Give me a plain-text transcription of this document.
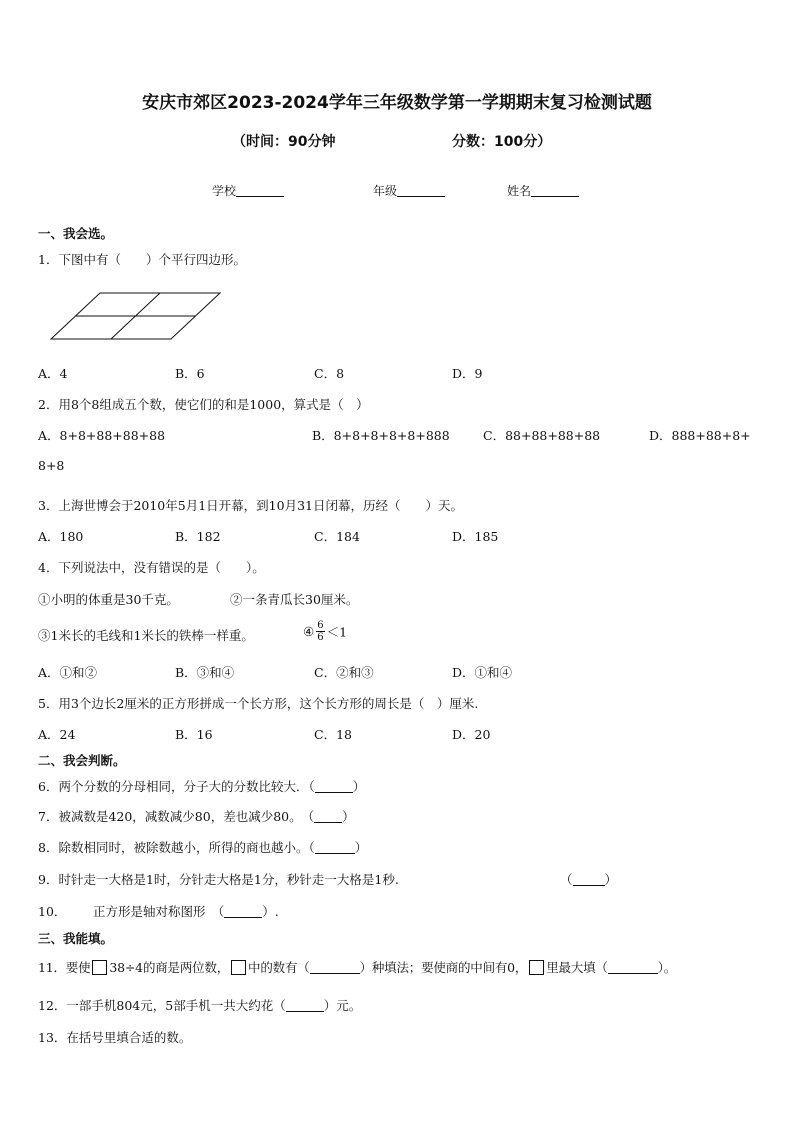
安庆市郊区2023-2024学年三年级数学第一学期期末复习检测试题
（时间：90分钟	分数：100分）
学校	年级	姓名
一、我会选。
1．下图中有（　　）个平行四边形。
A．4	B．6	C．8	D．9
2．用8个8组成五个数，使它们的和是1000，算式是（　）
A．8+8+88+88+88	B．8+8+8+8+8+888	C．88+88+88+88	D．888+88+8+
8+8
3．上海世博会于2010年5月1日开幕，到10月31日闭幕，历经（　　）天。
A．180	B．182	C．184	D．185
4．下列说法中，没有错误的是（　　）。
①小明的体重是30千克。	②一条青瓜长30厘米。
③1米长的毛线和1米长的铁棒一样重。	④ $\frac{6}{6} <1$
A．①和②	B．③和④	C．②和③	D．①和④
5．用3个边长2厘米的正方形拼成一个长方形，这个长方形的周长是（　）厘米.
A．24	B．16	C．18	D．20
二、我会判断。
6．两个分数的分母相同，分子大的分数比较大．（	）
7．被减数是420，减数减少80，差也减少80。　（ ）
8．除数相同时，被除数越小，所得的商也越小。（	）
9．时针走一大格是1时，分针走大格是1分，秒针走一大格是1秒.	（	）
10． 正方形是轴对称图形　（	）.
三、我能填。
11．要使 38÷4的商是两位数， 中的数有（	）种填法；要使商的中间有0， 里最大填（	）。
12．一部手机804元，5部手机一共大约花（	）元。
13．在括号里填合适的数。
